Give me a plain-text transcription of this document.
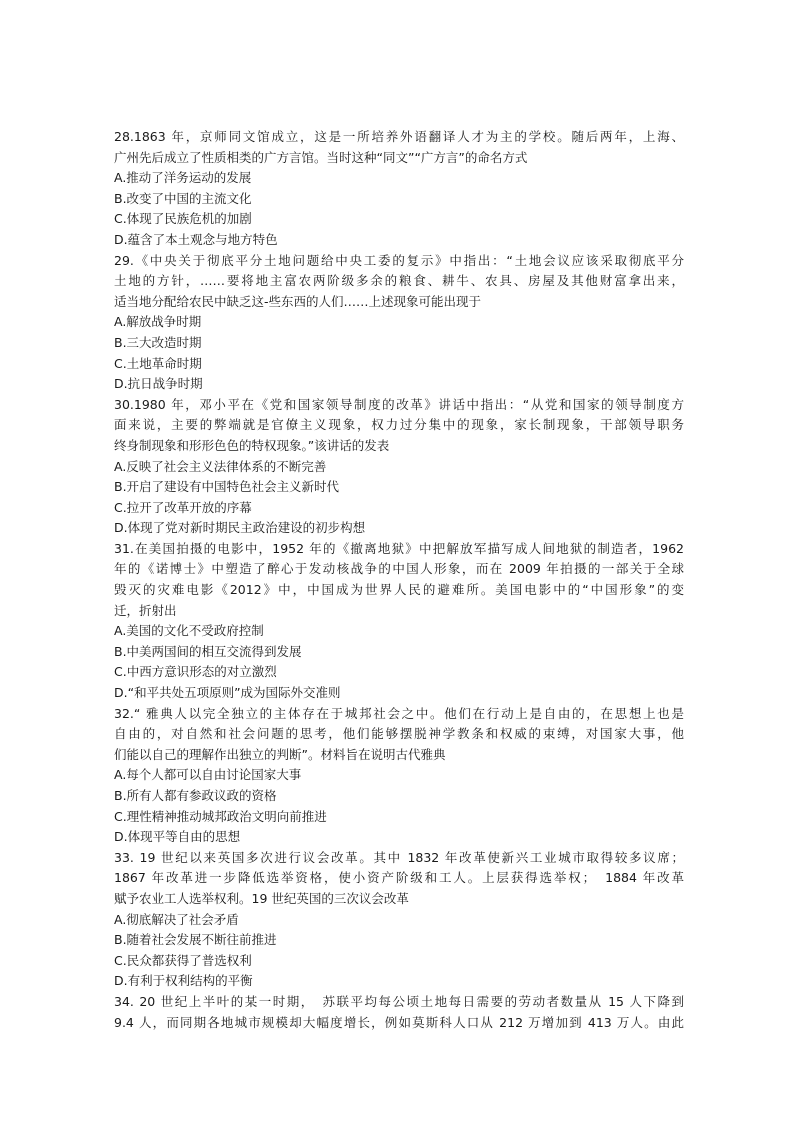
28.1863 年，京师同文馆成立，这是一所培养外语翻译人才为主的学校。随后两年，上海、
广州先后成立了性质相类的广方言馆。当时这种“同文”“广方言”的命名方式
A.推动了洋务运动的发展
B.改变了中国的主流文化
C.体现了民族危机的加剧
D.蕴含了本土观念与地方特色
29.《中央关于彻底平分土地问题给中央工委的复示》中指出：“土地会议应该采取彻底平分
土地的方针，……要将地主富农两阶级多余的粮食、耕牛、农具、房屋及其他财富拿出来，
适当地分配给农民中缺乏这-些东西的人们……上述现象可能出现于
A.解放战争时期
B.三大改造时期
C.土地革命时期
D.抗日战争时期
30.1980 年，邓小平在《党和国家领导制度的改革》讲话中指出：“从党和国家的领导制度方
面来说，主要的弊端就是官僚主义现象，权力过分集中的现象，家长制现象，干部领导职务
终身制现象和形形色色的特权现象。”该讲话的发表
A.反映了社会主义法律体系的不断完善
B.开启了建设有中国特色社会主义新时代
C.拉开了改革开放的序幕
D.体现了党对新时期民主政治建设的初步构想
31.在美国拍摄的电影中，1952 年的《撤离地狱》中把解放军描写成人间地狱的制造者，1962
年的《诺博士》中塑造了醉心于发动核战争的中国人形象，而在 2009 年拍摄的一部关于全球
毁灭的灾难电影《2012》中，中国成为世界人民的避难所。美国电影中的“中国形象”的变
迁，折射出
A.美国的文化不受政府控制
B.中美两国间的相互交流得到发展
C.中西方意识形态的对立激烈
D.“和平共处五项原则”成为国际外交准则
32.“ 雅典人以完全独立的主体存在于城邦社会之中。他们在行动上是自由的，在思想上也是
自由的，对自然和社会问题的思考，他们能够摆脱神学教条和权威的束缚，对国家大事，他
们能以自己的理解作出独立的判断”。材料旨在说明古代雅典
A.每个人都可以自由讨论国家大事
B.所有人都有参政议政的资格
C.理性精神推动城邦政治文明向前推进
D.体现平等自由的思想
33. 19 世纪以来英国多次进行议会改革。其中 1832 年改革使新兴工业城市取得较多议席；
1867 年改革进一步降低选举资格，使小资产阶级和工人。上层获得选举权；　1884 年改革
赋予农业工人选举权利。19 世纪英国的三次议会改革
A.彻底解决了社会矛盾
B.随着社会发展不断往前推进
C.民众都获得了普选权利
D.有利于权利结构的平衡
34. 20 世纪上半叶的某一时期，　苏联平均每公顷土地每日需要的劳动者数量从 15 人下降到
9.4 人，而同期各地城市规模却大幅度增长，例如莫斯科人口从 212 万增加到 413 万人。由此
